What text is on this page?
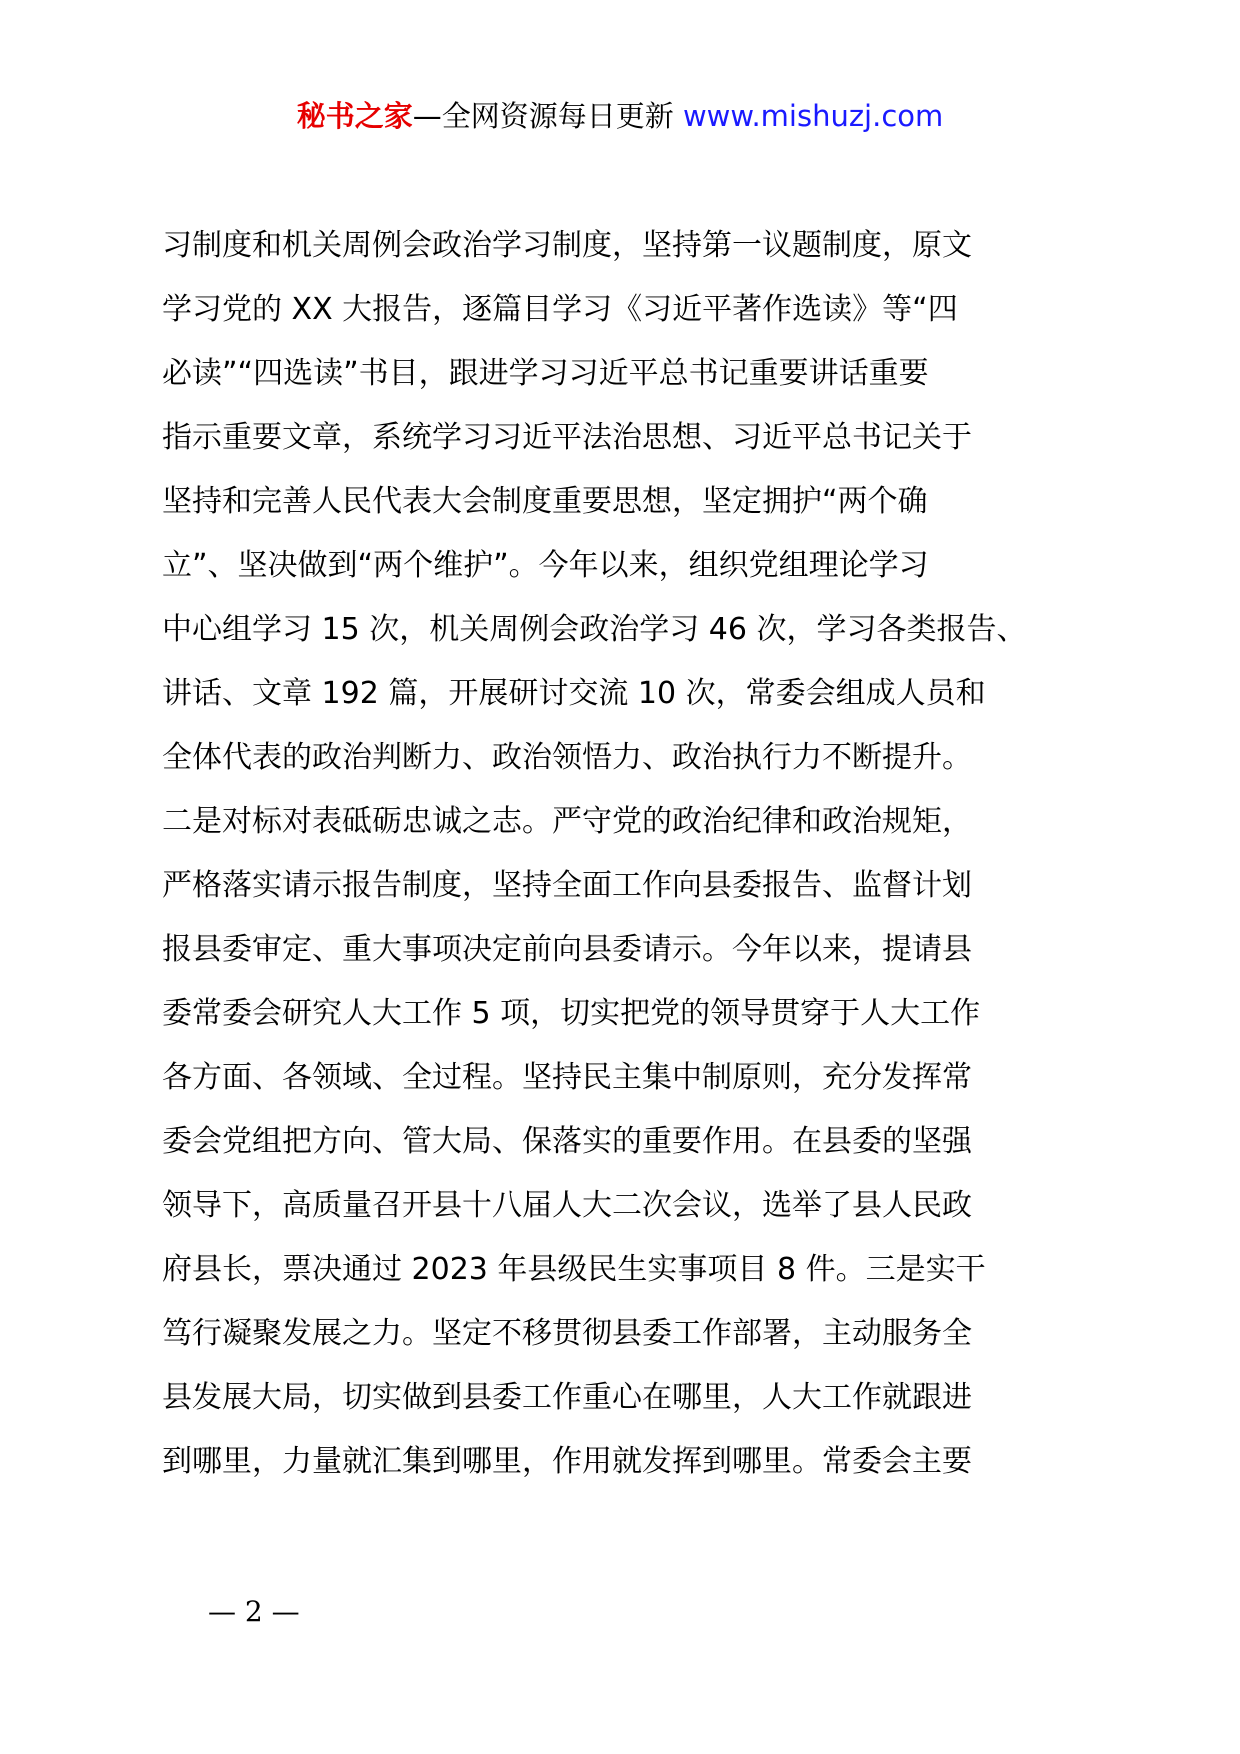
秘书之家—全网资源每日更新 www.mishuzj.com
习制度和机关周例会政治学习制度，坚持第一议题制度，原文
学习党的 XX 大报告，逐篇目学习《习近平著作选读》等“四
必读”“四选读”书目，跟进学习习近平总书记重要讲话重要
指示重要文章，系统学习习近平法治思想、习近平总书记关于
坚持和完善人民代表大会制度重要思想，坚定拥护“两个确
立”、坚决做到“两个维护”。今年以来，组织党组理论学习
中心组学习 15 次，机关周例会政治学习 46 次，学习各类报告、
讲话、文章 192 篇，开展研讨交流 10 次，常委会组成人员和
全体代表的政治判断力、政治领悟力、政治执行力不断提升。
二是对标对表砥砺忠诚之志。严守党的政治纪律和政治规矩，
严格落实请示报告制度，坚持全面工作向县委报告、监督计划
报县委审定、重大事项决定前向县委请示。今年以来，提请县
委常委会研究人大工作 5 项，切实把党的领导贯穿于人大工作
各方面、各领域、全过程。坚持民主集中制原则，充分发挥常
委会党组把方向、管大局、保落实的重要作用。在县委的坚强
领导下，高质量召开县十八届人大二次会议，选举了县人民政
府县长，票决通过 2023 年县级民生实事项目 8 件。三是实干
笃行凝聚发展之力。坚定不移贯彻县委工作部署，主动服务全
县发展大局，切实做到县委工作重心在哪里，人大工作就跟进
到哪里，力量就汇集到哪里，作用就发挥到哪里。常委会主要
— 2 —
